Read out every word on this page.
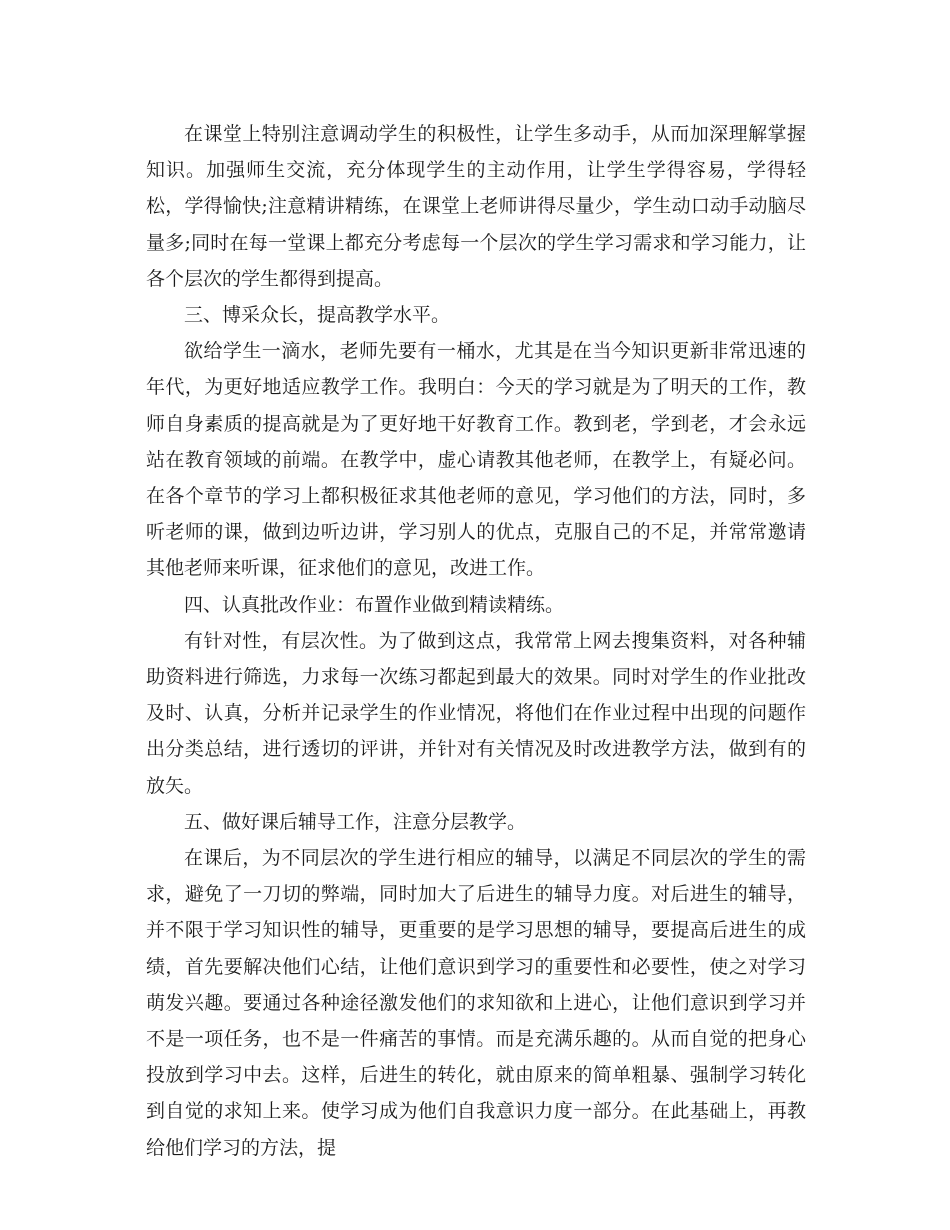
在课堂上特别注意调动学生的积极性，让学生多动手，从而加深理解掌握知识。加强师生交流，充分体现学生的主动作用，让学生学得容易，学得轻松，学得愉快;注意精讲精练，在课堂上老师讲得尽量少，学生动口动手动脑尽量多;同时在每一堂课上都充分考虑每一个层次的学生学习需求和学习能力，让各个层次的学生都得到提高。

三、博采众长，提高教学水平。

欲给学生一滴水，老师先要有一桶水，尤其是在当今知识更新非常迅速的年代，为更好地适应教学工作。我明白：今天的学习就是为了明天的工作，教师自身素质的提高就是为了更好地干好教育工作。教到老，学到老，才会永远站在教育领域的前端。在教学中，虚心请教其他老师，在教学上，有疑必问。在各个章节的学习上都积极征求其他老师的意见，学习他们的方法，同时，多听老师的课，做到边听边讲，学习别人的优点，克服自己的不足，并常常邀请其他老师来听课，征求他们的意见，改进工作。

四、认真批改作业：布置作业做到精读精练。

有针对性，有层次性。为了做到这点，我常常上网去搜集资料，对各种辅助资料进行筛选，力求每一次练习都起到最大的效果。同时对学生的作业批改及时、认真，分析并记录学生的作业情况，将他们在作业过程中出现的问题作出分类总结，进行透切的评讲，并针对有关情况及时改进教学方法，做到有的放矢。

五、做好课后辅导工作，注意分层教学。

在课后，为不同层次的学生进行相应的辅导，以满足不同层次的学生的需求，避免了一刀切的弊端，同时加大了后进生的辅导力度。对后进生的辅导，并不限于学习知识性的辅导，更重要的是学习思想的辅导，要提高后进生的成绩，首先要解决他们心结，让他们意识到学习的重要性和必要性，使之对学习萌发兴趣。要通过各种途径激发他们的求知欲和上进心，让他们意识到学习并不是一项任务，也不是一件痛苦的事情。而是充满乐趣的。从而自觉的把身心投放到学习中去。这样，后进生的转化，就由原来的简单粗暴、强制学习转化到自觉的求知上来。使学习成为他们自我意识力度一部分。在此基础上，再教给他们学习的方法，提
